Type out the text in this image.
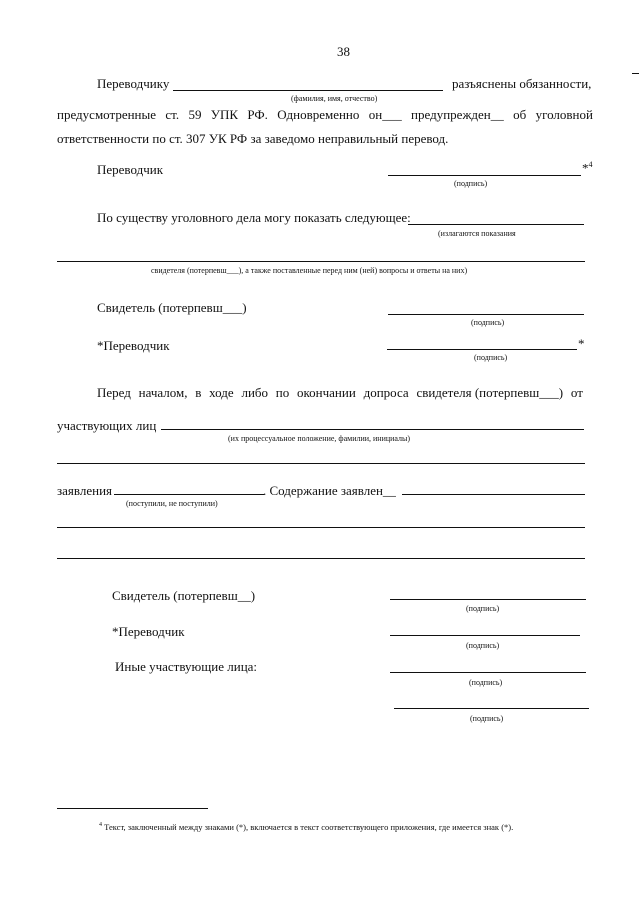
38
Переводчику	разъяснены обязанности,
(фамилия, имя, отчество)
предусмотренные ст. 59 УПК РФ. Одновременно он___ предупрежден__ об уголовной
ответственности по ст. 307 УК РФ за заведомо неправильный перевод.
Переводчик	*$^4$
(подпись)
По существу уголовного дела могу показать следующее:
(излагаются показания
свидетеля (потерпевш___), а также поставленные перед ним (ней) вопросы и ответы на них)
Свидетель (потерпевш___)
(подпись)
*Переводчик	*
(подпись)
Перед началом, в ходе либо по окончании допроса свидетеля (потерпевш___) от
участвующих лиц
(их процессуальное положение, фамилии, инициалы)
заявления	. Содержание заявлен__
(поступили, не поступили)
Свидетель (потерпевш__)
(подпись)
*Переводчик
(подпись)
Иные участвующие лица:
(подпись)
(подпись)
$^4$ Текст, заключенный между знаками (*), включается в текст соответствующего приложения, где имеется знак (*).
